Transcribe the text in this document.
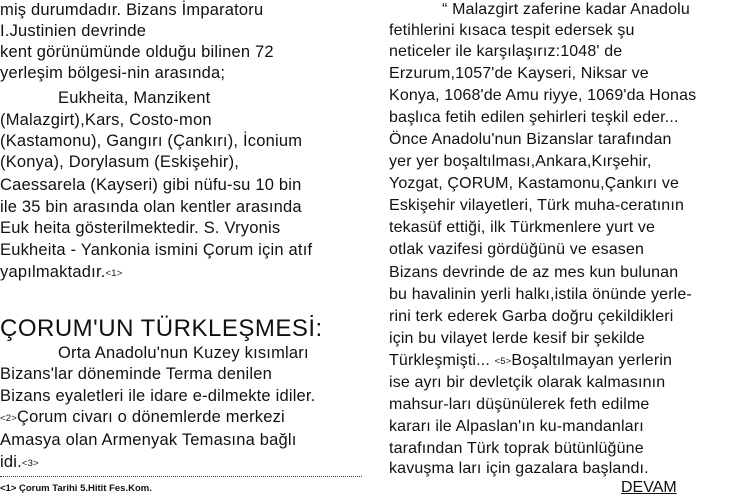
miş durumdadır. Bizans İmparatoru
I.Justinien devrinde
kent görünümünde olduğu bilinen 72
yerleşim bölgesi-nin arasında;
Eukheita, Manzikent
(Malazgirt),Kars, Costo-mon
(Kastamonu), Gangırı (Çankırı), İconium
(Konya), Dorylasum (Eskişehir),
Caessarela (Kayseri) gibi nüfu-su 10 bin
ile 35 bin arasında olan kentler arasında
Euk heita gösterilmektedir. S. Vryonis
Eukheita - Yankonia ismini Çorum için atıf
yapılmaktadır.<1>
ÇORUM'UN TÜRKLEŞMESİ:
Orta Anadolu'nun Kuzey kısımları
Bizans'lar döneminde Terma denilen
Bizans eyaletleri ile idare e-dilmekte idiler.
<2>Çorum civarı o dönemlerde merkezi
Amasya olan Armenyak Temasına bağlı
idi.<3>
<1> Çorum Tarihi 5.Hitit Fes.Kom.
“ Malazgirt zaferine kadar Anadolu
fetihlerini kısaca tespit edersek şu
neticeler ile karşılaşırız:1048' de
Erzurum,1057'de Kayseri, Niksar ve
Konya, 1068'de Amu riyye, 1069'da Honas
başlıca fetih edilen şehirleri teşkil eder...
Önce Anadolu'nun Bizanslar tarafından
yer yer boşaltılması,Ankara,Kırşehir,
Yozgat, ÇORUM, Kastamonu,Çankırı ve
Eskişehir vilayetleri, Türk muha-ceratının
tekasüf ettiği, ilk Türkmenlere yurt ve
otlak vazifesi gördüğünü ve esasen
Bizans devrinde de az mes kun bulunan
bu havalinin yerli halkı,istila önünde yerle-
rini terk ederek Garba doğru çekildikleri
için bu vilayet lerde kesif bir şekilde
Türkleşmişti... <5>Boşaltılmayan yerlerin
ise ayrı bir devletçik olarak kalmasının
mahsur-ları düşünülerek feth edilme
kararı ile Alpaslan'ın ku-mandanları
tarafından Türk toprak bütünlüğüne
kavuşma ları için gazalara başlandı.
DEVAM
